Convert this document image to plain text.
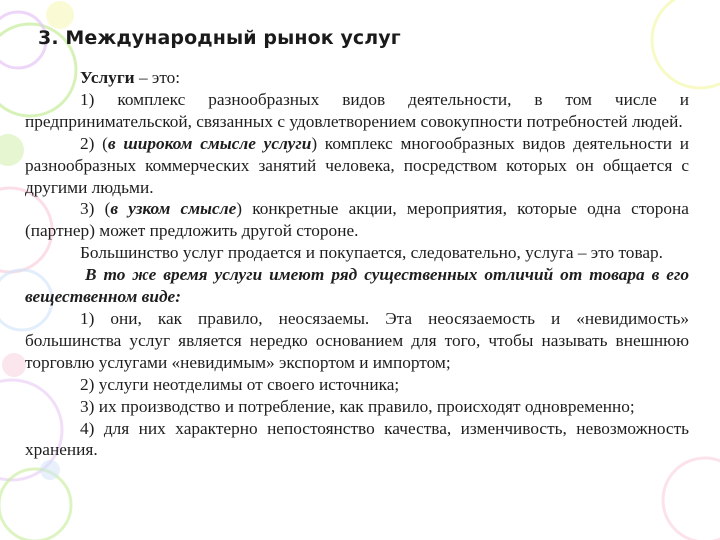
3. Международный рынок услуг

Услуги – это:

1) комплекс разнообразных видов деятельности, в том числе и предпринимательской, связанных с удовлетворением совокупности потребностей людей.

2) (в широком смысле услуги) комплекс многообразных видов деятельности и разнообразных коммерческих занятий человека, посредством которых он общается с другими людьми.

3) (в узком смысле) конкретные акции, мероприятия, которые одна сторона (партнер) может предложить другой стороне.

Большинство услуг продается и покупается, следовательно, услуга – это товар.

В то же время услуги имеют ряд существенных отличий от товара в его вещественном виде:

1) они, как правило, неосязаемы. Эта неосязаемость и «невидимость» большинства услуг является нередко основанием для того, чтобы называть внешнюю торговлю услугами «невидимым» экспортом и импортом;

2) услуги неотделимы от своего источника;

3) их производство и потребление, как правило, происходят одновременно;

4) для них характерно непостоянство качества, изменчивость, невозможность хранения.
